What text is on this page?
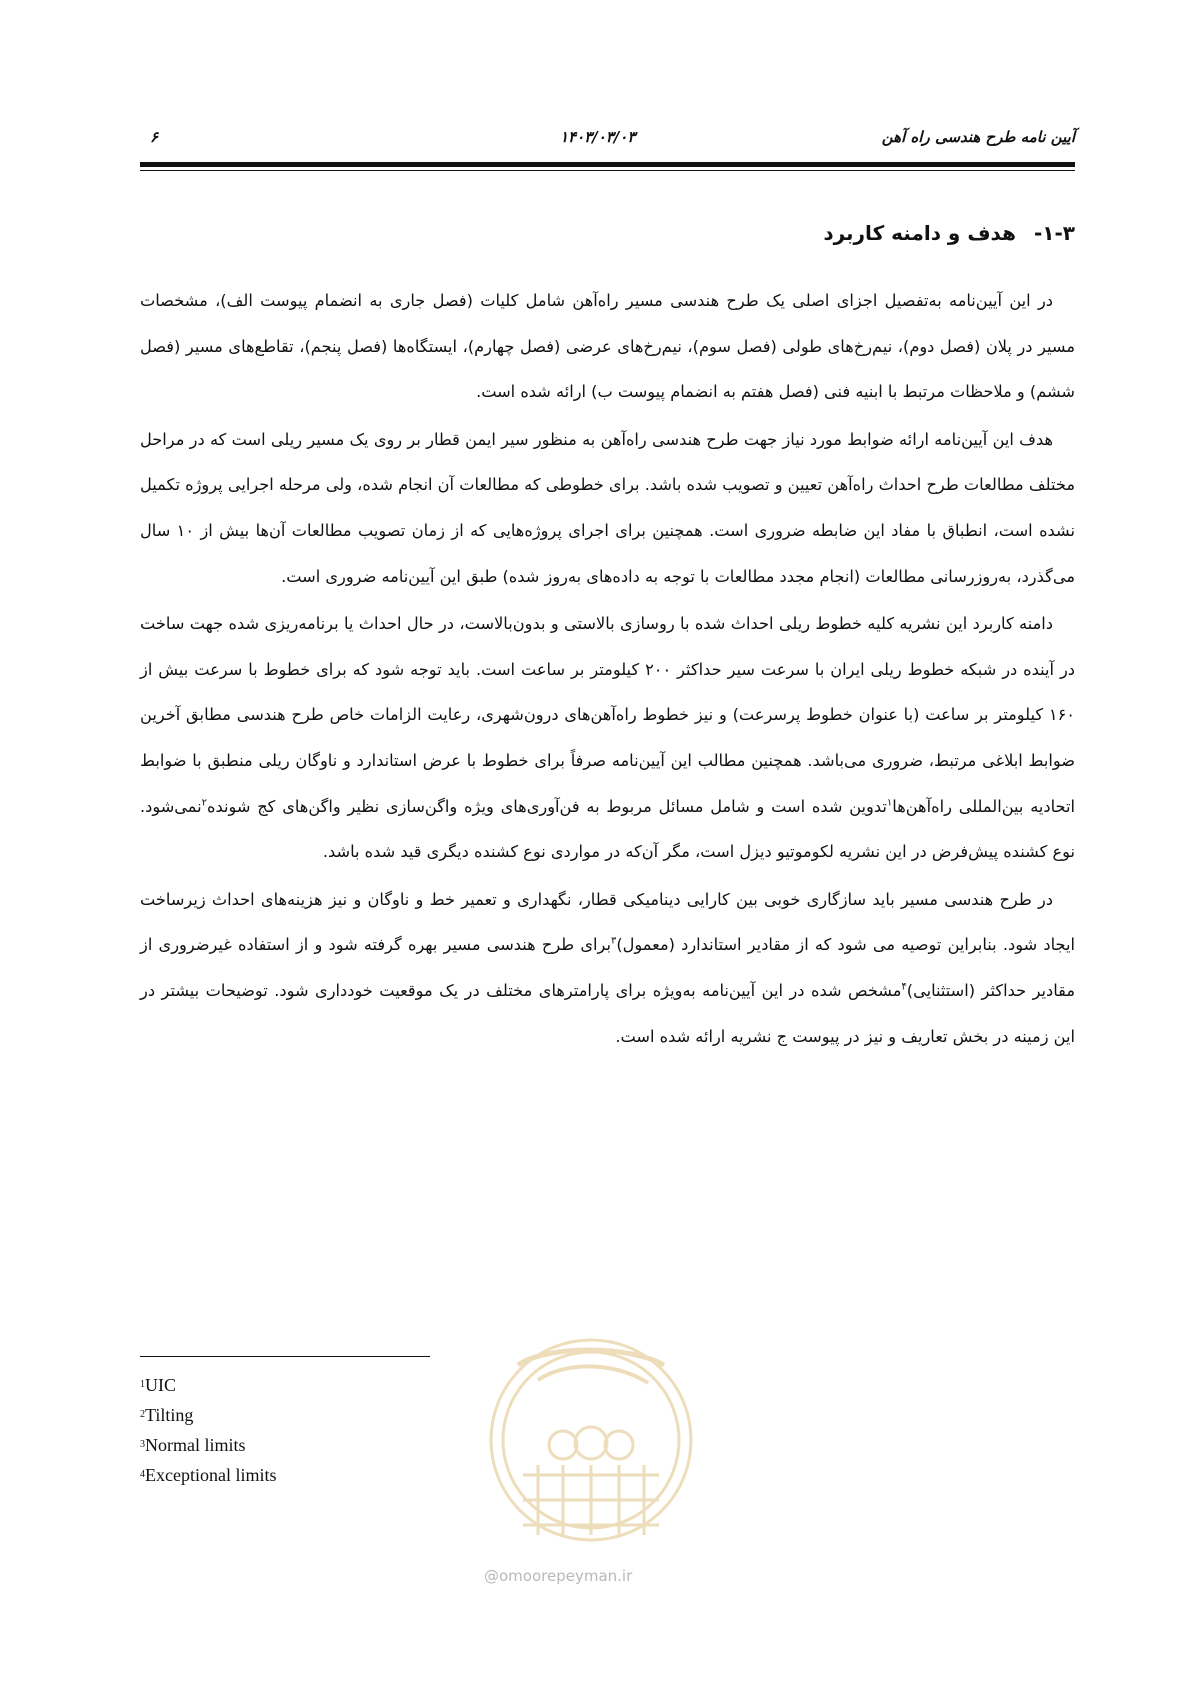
۶	۱۴۰۳/۰۳/۰۳	آیین نامه طرح هندسی راه آهن
۱-۳-هدف و دامنه کاربرد

در این آیین‌نامه به‌تفصیل اجزای اصلی یک طرح هندسی مسیر راه‌آهن شامل کلیات (فصل جاری به انضمام پیوست الف)، مشخصات مسیر در پلان (فصل دوم)، نیم‌رخ‌های طولی (فصل سوم)، نیم‌رخ‌های عرضی (فصل چهارم)، ایستگاه‌ها (فصل پنجم)، تقاطع‌های مسیر (فصل ششم) و ملاحظات مرتبط با ابنیه فنی (فصل هفتم به انضمام پیوست ب) ارائه شده است.

هدف این آیین‌نامه ارائه ضوابط مورد نیاز جهت طرح هندسی راه‌آهن به منظور سیر ایمن قطار بر روی یک مسیر ریلی است که در مراحل مختلف مطالعات طرح احداث راه‌آهن تعیین و تصویب شده باشد. برای خطوطی که مطالعات آن انجام شده، ولی مرحله اجرایی پروژه تکمیل نشده است، انطباق با مفاد این ضابطه ضروری است. همچنین برای اجرای پروژه‌هایی که از زمان تصویب مطالعات آن‌ها بیش از ۱۰ سال می‌گذرد، به‌روزرسانی مطالعات (انجام مجدد مطالعات با توجه به داده‌های به‌روز شده) طبق این آیین‌نامه ضروری است.

دامنه کاربرد این نشریه کلیه خطوط ریلی احداث شده با روسازی بالاستی و بدون‌بالاست، در حال احداث یا برنامه‌ریزی شده جهت ساخت در آینده در شبکه خطوط ریلی ایران با سرعت سیر حداکثر ۲۰۰ کیلومتر بر ساعت است. باید توجه شود که برای خطوط با سرعت بیش از ۱۶۰ کیلومتر بر ساعت (با عنوان خطوط پرسرعت) و نیز خطوط راه‌آهن‌های درون‌شهری، رعایت الزامات خاص طرح هندسی مطابق آخرین ضوابط ابلاغی مرتبط، ضروری می‌باشد. همچنین مطالب این آیین‌نامه صرفاً برای خطوط با عرض استاندارد و ناوگان ریلی منطبق با ضوابط اتحادیه بین‌المللی راه‌آهن‌ها$^۱$تدوین شده است و شامل مسائل مربوط به فن‌آوری‌های ویژه واگن‌سازی نظیر واگن‌های کج شونده$^۲$نمی‌شود. نوع کشنده پیش‌فرض در این نشریه لکوموتیو دیزل است، مگر آن‌که در مواردی نوع کشنده دیگری قید شده باشد.

در طرح هندسی مسیر باید سازگاری خوبی بین کارایی دینامیکی قطار، نگهداری و تعمیر خط و ناوگان و نیز هزینه‌های احداث زیرساخت ایجاد شود. بنابراین توصیه می شود که از مقادیر استاندارد (معمول)$^۳$برای طرح هندسی مسیر بهره گرفته شود و از استفاده غیرضروری از مقادیر حداکثر (استثنایی)$^۴$مشخص شده در این آیین‌نامه به‌ویژه برای پارامترهای مختلف در یک موقعیت خودداری شود. توضیحات بیشتر در این زمینه در بخش تعاریف و نیز در پیوست ج نشریه ارائه شده است.

$^1$UIC
$^2$Tilting
$^3$Normal limits
$^4$Exceptional limits
@omoorepeyman.ir
